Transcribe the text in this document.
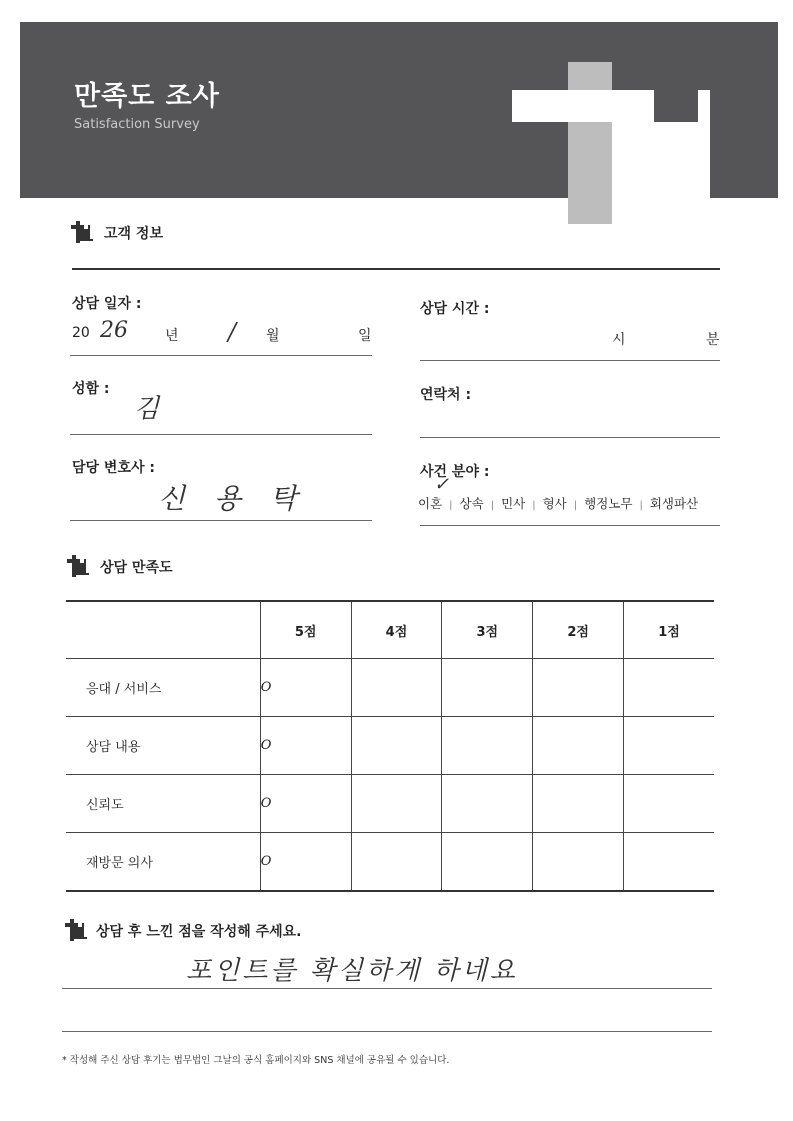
만족도 조사
Satisfaction Survey
고객 정보
상담 일자 :
20 26	년 / 월	일
상담 시간 :
시	분
성함 :
김	연락처 :
담당 변호사 :
신 용 탁
사건 분야 :
✓
이혼 | 상속 | 민사 | 형사 | 행정노무 | 회생파산
상담 만족도
	5점	4점	3점	2점	1점
응대 / 서비스	O				
상담 내용	O				
신뢰도	O				
재방문 의사	O				
상담 후 느낀 점을 작성해 주세요.
포인트를 확실하게 하네요
* 작성해 주신 상담 후기는 법무법인 그날의 공식 홈페이지와 SNS 채널에 공유될 수 있습니다.
